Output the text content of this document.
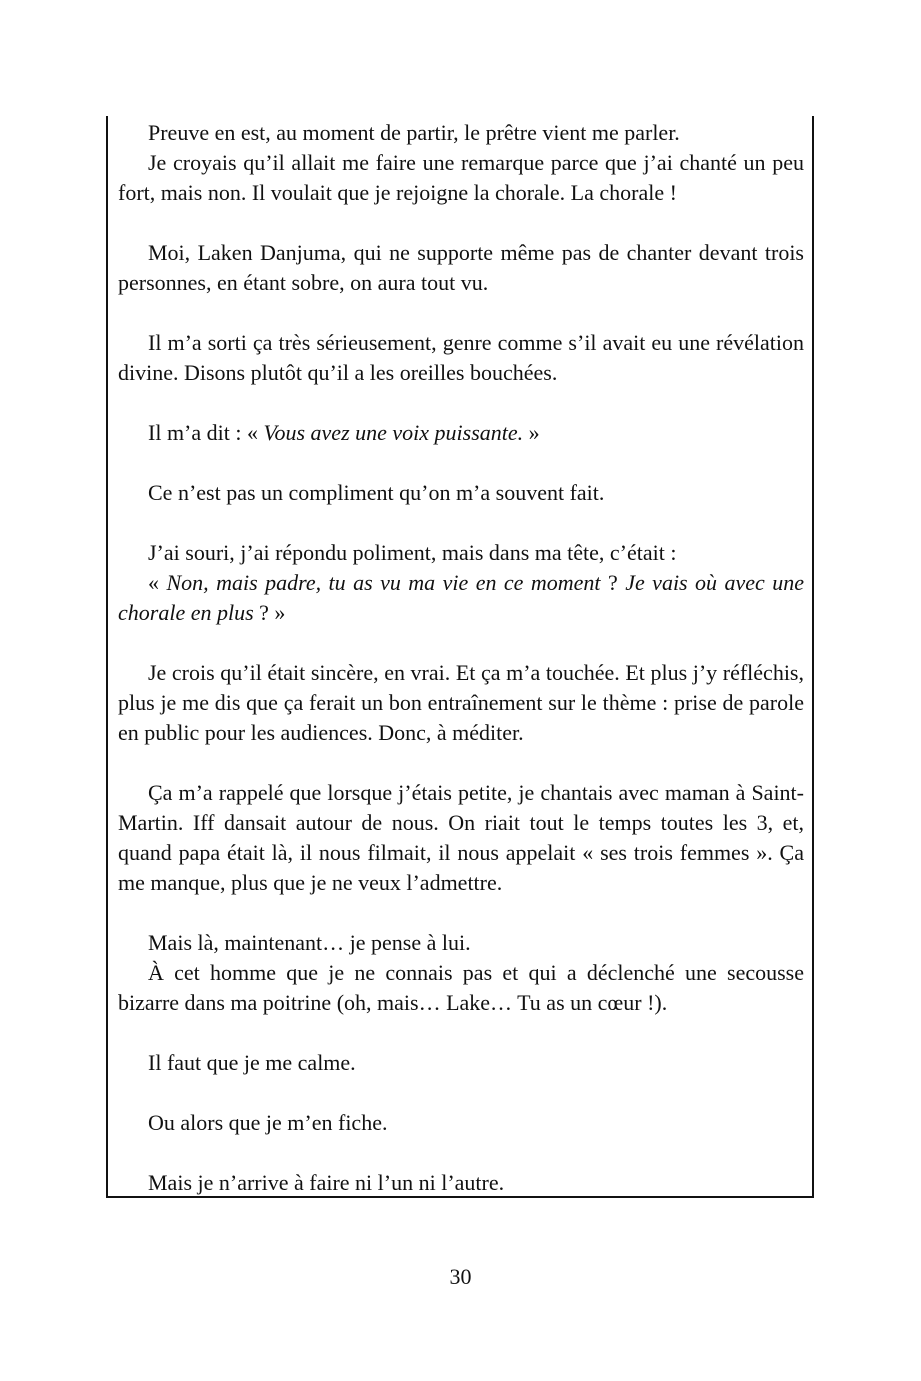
Preuve en est, au moment de partir, le prêtre vient me parler.

Je croyais qu’il allait me faire une remarque parce que j’ai chanté un peu fort, mais non. Il voulait que je rejoigne la chorale. La chorale !

Moi, Laken Danjuma, qui ne supporte même pas de chanter devant trois personnes, en étant sobre, on aura tout vu.

Il m’a sorti ça très sérieusement, genre comme s’il avait eu une révélation divine. Disons plutôt qu’il a les oreilles bouchées.

Il m’a dit : « Vous avez une voix puissante. »

Ce n’est pas un compliment qu’on m’a souvent fait.

J’ai souri, j’ai répondu poliment, mais dans ma tête, c’était :

« Non, mais padre, tu as vu ma vie en ce moment ? Je vais où avec une chorale en plus ? »

Je crois qu’il était sincère, en vrai. Et ça m’a touchée. Et plus j’y réfléchis, plus je me dis que ça ferait un bon entraînement sur le thème : prise de parole en public pour les audiences. Donc, à méditer.

Ça m’a rappelé que lorsque j’étais petite, je chantais avec maman à Saint-Martin. Iff dansait autour de nous. On riait tout le temps toutes les 3, et, quand papa était là, il nous filmait, il nous appelait « ses trois femmes ». Ça me manque, plus que je ne veux l’admettre.

Mais là, maintenant… je pense à lui.

À cet homme que je ne connais pas et qui a déclenché une secousse bizarre dans ma poitrine (oh, mais… Lake… Tu as un cœur !).

Il faut que je me calme.

Ou alors que je m’en fiche.

Mais je n’arrive à faire ni l’un ni l’autre.

30
